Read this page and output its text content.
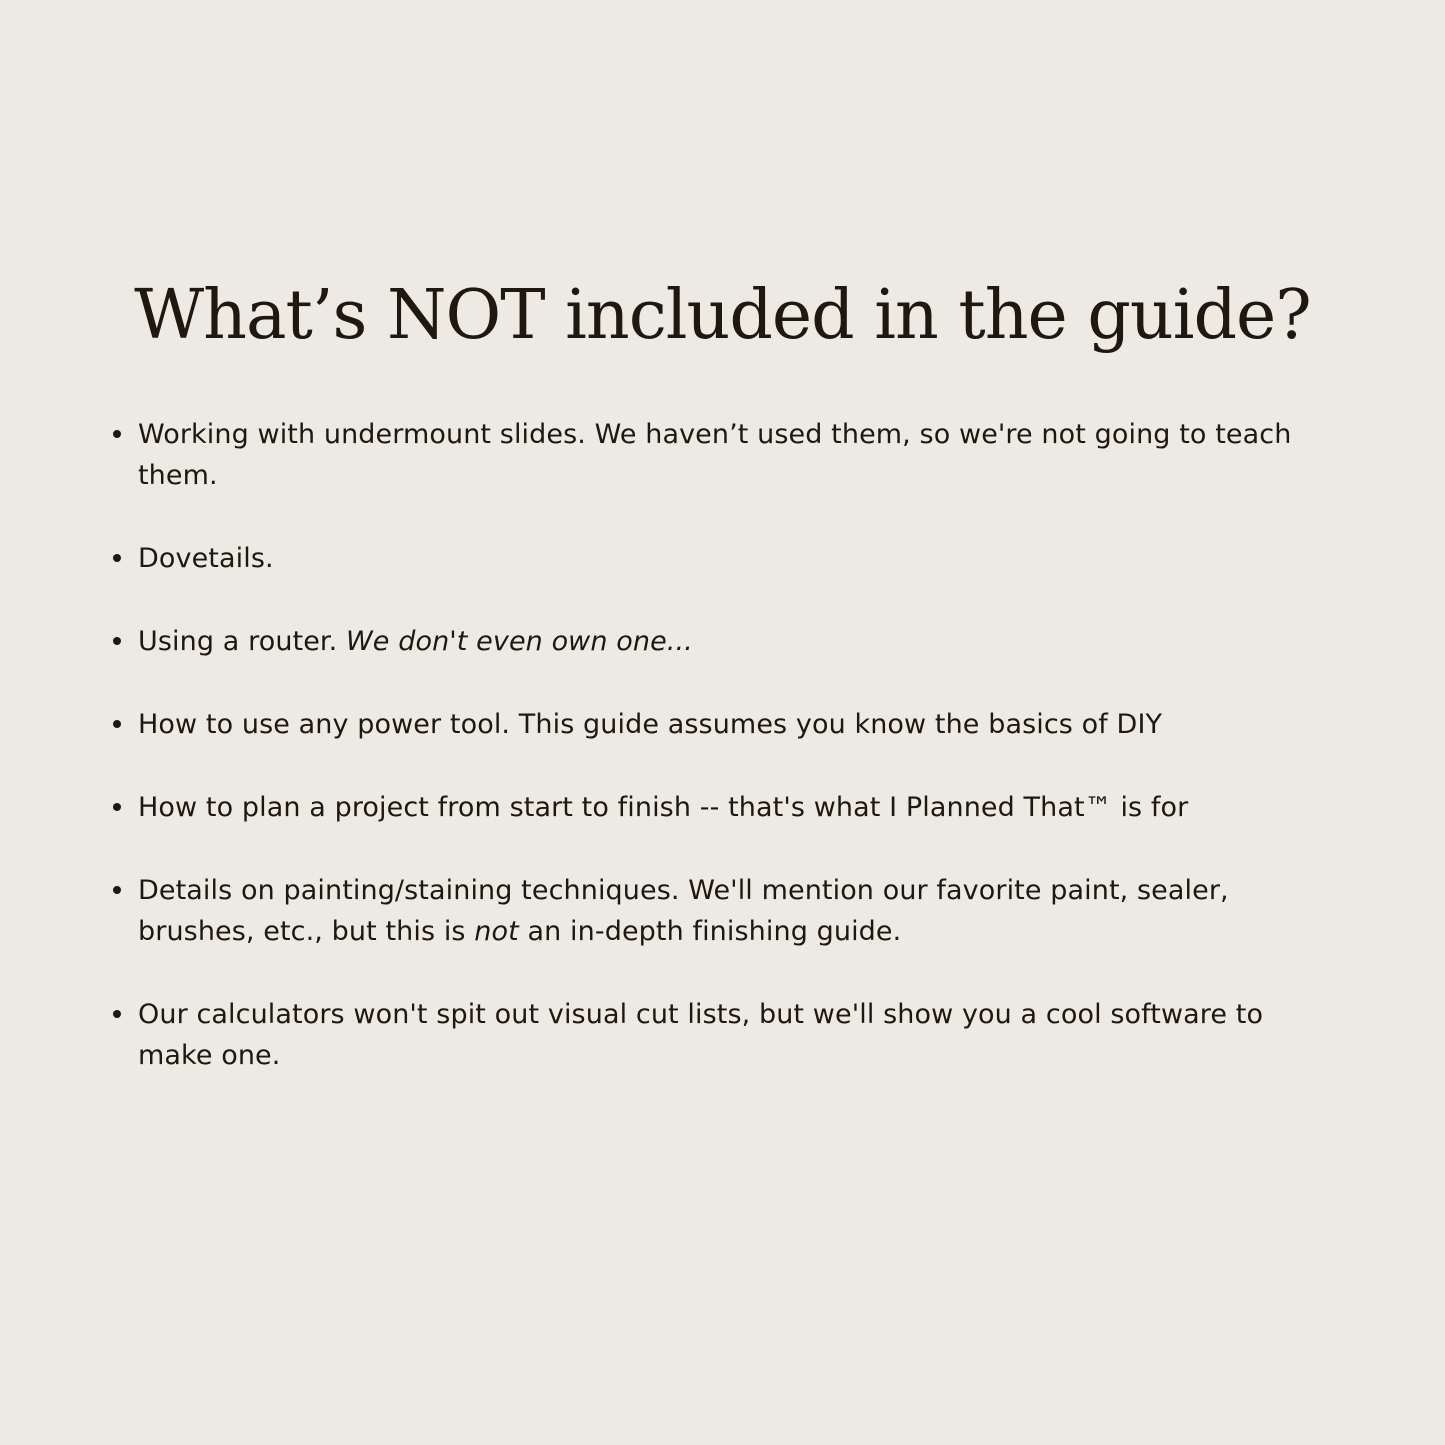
What’s NOT included in the guide?
Working with undermount slides. We haven’t used them, so we're not going to teach them.
Dovetails.
Using a router. We don't even own one...
How to use any power tool. This guide assumes you know the basics of DIY
How to plan a project from start to finish -- that's what I Planned That™ is for
Details on painting/staining techniques. We'll mention our favorite paint, sealer, brushes, etc., but this is not an in-depth finishing guide.
Our calculators won't spit out visual cut lists, but we'll show you a cool software to make one.
